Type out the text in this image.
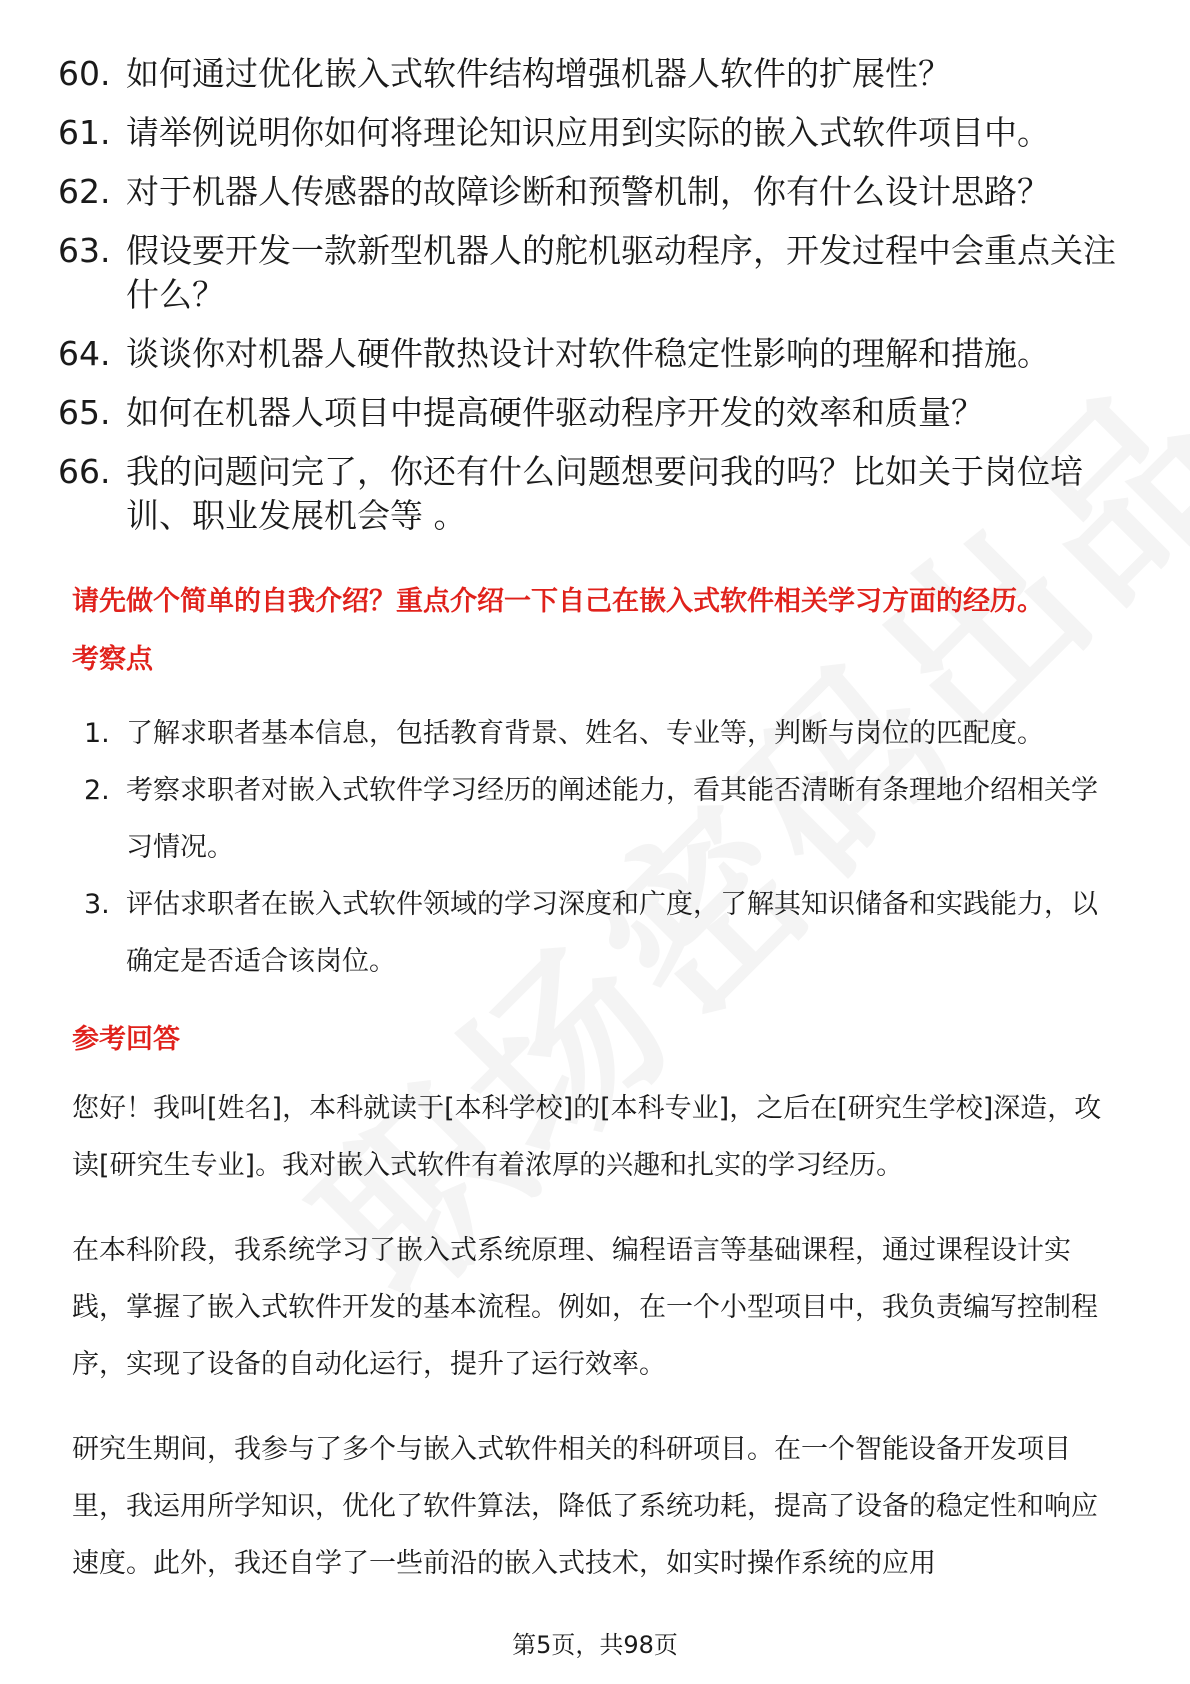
60. 如何通过优化嵌入式软件结构增强机器人软件的扩展性？
61. 请举例说明你如何将理论知识应用到实际的嵌入式软件项目中。
62. 对于机器人传感器的故障诊断和预警机制，你有什么设计思路？
63. 假设要开发一款新型机器人的舵机驱动程序，开发过程中会重点关注什么？
64. 谈谈你对机器人硬件散热设计对软件稳定性影响的理解和措施。
65. 如何在机器人项目中提高硬件驱动程序开发的效率和质量？
66. 我的问题问完了，你还有什么问题想要问我的吗？比如关于岗位培训、职业发展机会等 。
请先做个简单的自我介绍？重点介绍一下自己在嵌入式软件相关学习方面的经历。
考察点
1. 了解求职者基本信息，包括教育背景、姓名、专业等，判断与岗位的匹配度。
2. 考察求职者对嵌入式软件学习经历的阐述能力，看其能否清晰有条理地介绍相关学习情况。
3. 评估求职者在嵌入式软件领域的学习深度和广度，了解其知识储备和实践能力，以确定是否适合该岗位。
参考回答
您好！我叫[姓名]，本科就读于[本科学校]的[本科专业]，之后在[研究生学校]深造，攻读[研究生专业]。我对嵌入式软件有着浓厚的兴趣和扎实的学习经历。
在本科阶段，我系统学习了嵌入式系统原理、编程语言等基础课程，通过课程设计实践，掌握了嵌入式软件开发的基本流程。例如，在一个小型项目中，我负责编写控制程序，实现了设备的自动化运行，提升了运行效率。
研究生期间，我参与了多个与嵌入式软件相关的科研项目。在一个智能设备开发项目里，我运用所学知识，优化了软件算法，降低了系统功耗，提高了设备的稳定性和响应速度。此外，我还自学了一些前沿的嵌入式技术，如实时操作系统的应用
第5页，共98页
